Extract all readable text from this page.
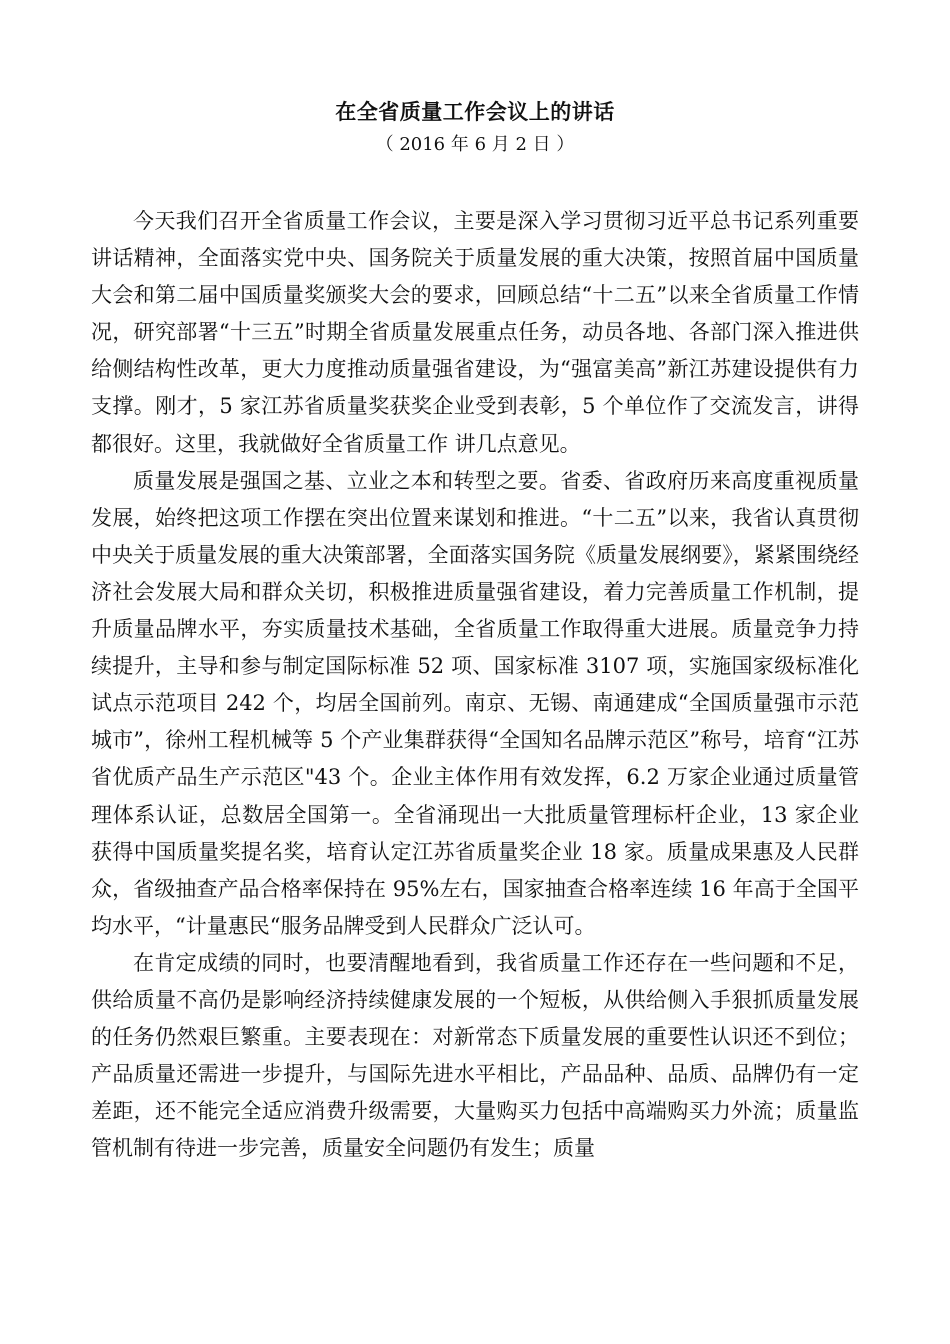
在全省质量工作会议上的讲话
（ 2016 年 6 月 2 日 ）

今天我们召开全省质量工作会议，主要是深入学习贯彻习近平总书记系列重要讲话精神，全面落实党中央、国务院关于质量发展的重大决策，按照首届中国质量大会和第二届中国质量奖颁奖大会的要求，回顾总结“十二五”以来全省质量工作情况，研究部署“十三五”时期全省质量发展重点任务，动员各地、各部门深入推进供给侧结构性改革，更大力度推动质量强省建设，为“强富美高”新江苏建设提供有力支撑。刚才，5 家江苏省质量奖获奖企业受到表彰，5 个单位作了交流发言，讲得都很好。这里，我就做好全省质量工作 讲几点意见。

质量发展是强国之基、立业之本和转型之要。省委、省政府历来高度重视质量发展，始终把这项工作摆在突出位置来谋划和推进。“十二五”以来，我省认真贯彻中央关于质量发展的重大决策部署，全面落实国务院《质量发展纲要》，紧紧围绕经济社会发展大局和群众关切，积极推进质量强省建设，着力完善质量工作机制，提升质量品牌水平，夯实质量技术基础，全省质量工作取得重大进展。质量竞争力持续提升，主导和参与制定国际标准 52 项、国家标准 3107 项，实施国家级标准化试点示范项目 242 个，均居全国前列。南京、无锡、南通建成“全国质量强市示范城市”，徐州工程机械等 5 个产业集群获得“全国知名品牌示范区”称号，培育“江苏省优质产品生产示范区"43 个。企业主体作用有效发挥，6.2 万家企业通过质量管理体系认证，总数居全国第一。全省涌现出一大批质量管理标杆企业，13 家企业获得中国质量奖提名奖，培育认定江苏省质量奖企业 18 家。质量成果惠及人民群众，省级抽查产品合格率保持在 95%左右，国家抽查合格率连续 16 年高于全国平均水平，“计量惠民“服务品牌受到人民群众广泛认可。

在肯定成绩的同时，也要清醒地看到，我省质量工作还存在一些问题和不足，供给质量不高仍是影响经济持续健康发展的一个短板，从供给侧入手狠抓质量发展的任务仍然艰巨繁重。主要表现在：对新常态下质量发展的重要性认识还不到位；产品质量还需进一步提升，与国际先进水平相比，产品品种、品质、品牌仍有一定差距，还不能完全适应消费升级需要，大量购买力包括中高端购买力外流；质量监管机制有待进一步完善，质量安全问题仍有发生；质量
